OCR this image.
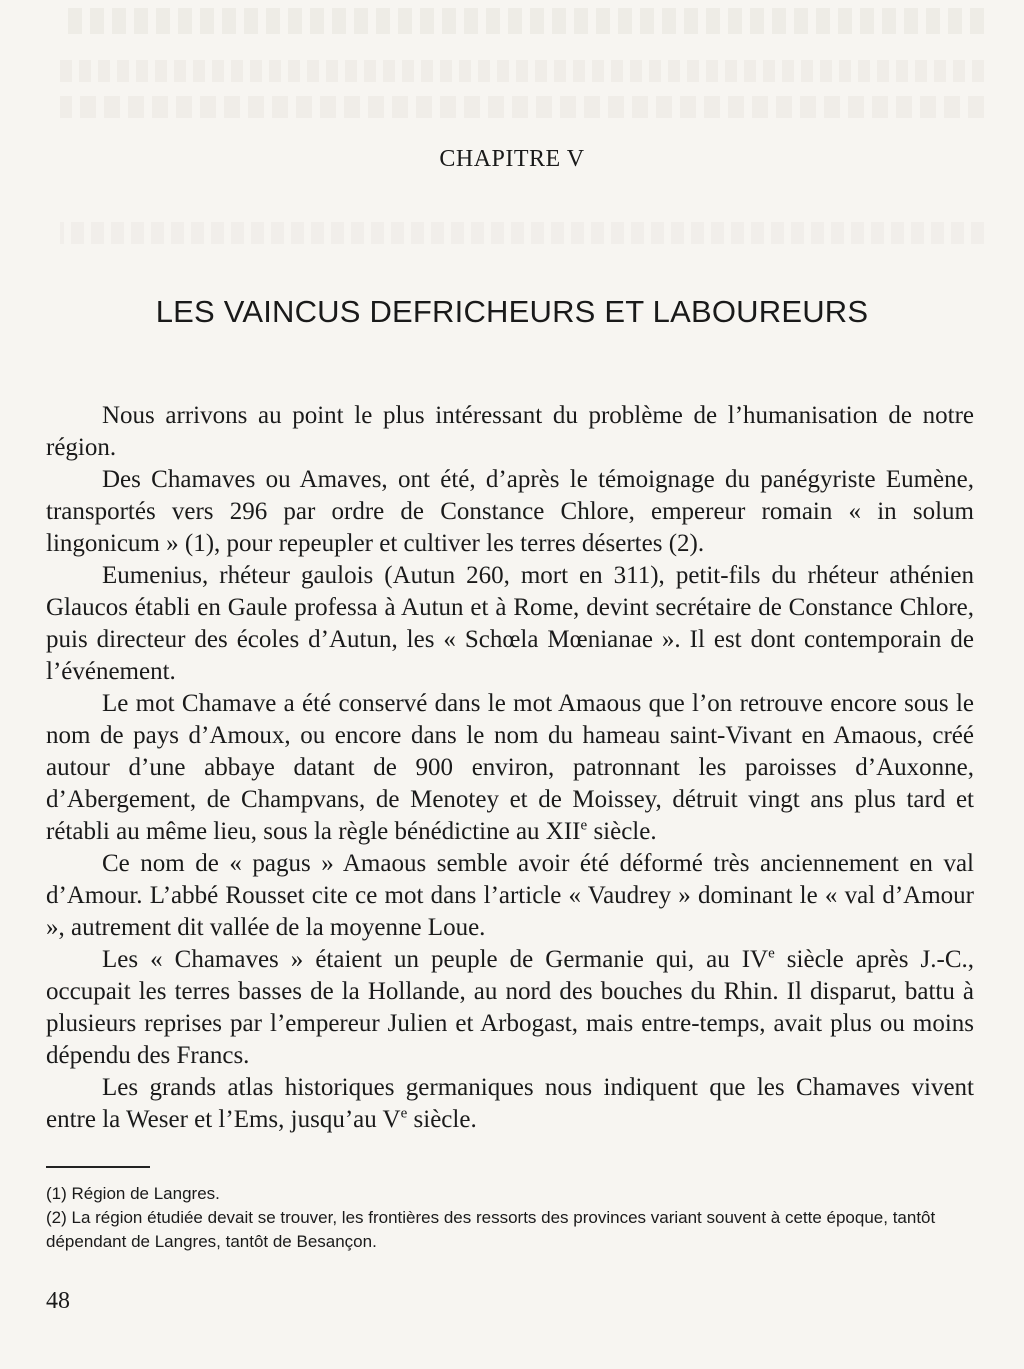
CHAPITRE V
LES VAINCUS DEFRICHEURS ET LABOUREURS

Nous arrivons au point le plus intéressant du problème de l’humanisation de notre région.

Des Chamaves ou Amaves, ont été, d’après le témoignage du panégyriste Eumène, transportés vers 296 par ordre de Constance Chlore, empereur romain « in solum lingonicum » (1), pour repeupler et cultiver les terres désertes (2).

Eumenius, rhéteur gaulois (Autun 260, mort en 311), petit-fils du rhéteur athénien Glaucos établi en Gaule professa à Autun et à Rome, devint secrétaire de Constance Chlore, puis directeur des écoles d’Autun, les « Schœla Mœnianae ». Il est dont contemporain de l’événement.

Le mot Chamave a été conservé dans le mot Amaous que l’on retrouve encore sous le nom de pays d’Amoux, ou encore dans le nom du hameau saint-Vivant en Amaous, créé autour d’une abbaye datant de 900 environ, patronnant les paroisses d’Auxonne, d’Abergement, de Champvans, de Menotey et de Moissey, détruit vingt ans plus tard et rétabli au même lieu, sous la règle bénédictine au XIIe siècle.

Ce nom de « pagus » Amaous semble avoir été déformé très anciennement en val d’Amour. L’abbé Rousset cite ce mot dans l’article « Vaudrey » dominant le « val d’Amour », autrement dit vallée de la moyenne Loue.

Les « Chamaves » étaient un peuple de Germanie qui, au IVe siècle après J.-C., occupait les terres basses de la Hollande, au nord des bouches du Rhin. Il disparut, battu à plusieurs reprises par l’empereur Julien et Arbogast, mais entre-temps, avait plus ou moins dépendu des Francs.

Les grands atlas historiques germaniques nous indiquent que les Chamaves vivent entre la Weser et l’Ems, jusqu’au Ve siècle.

(1) Région de Langres.

(2) La région étudiée devait se trouver, les frontières des ressorts des provinces variant souvent à cette époque, tantôt dépendant de Langres, tantôt de Besançon.

48
